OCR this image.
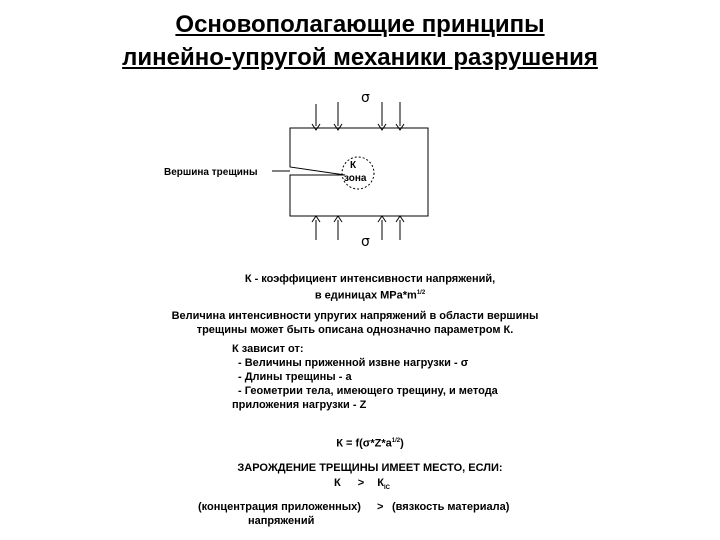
Основополагающие принципы
линейно-упругой механики разрушения
σ
σ
Вершина трещины
К
зона
К - коэффициент интенсивности напряжений,
в единицах $MPa*m^{1/2}$
Величина интенсивности упругих напряжений в области вершины
трещины может быть описана однозначно параметром К.
К зависит от:
- Величины приженной извне нагрузки - σ
- Длины трещины - a
- Геометрии тела, имеющего трещину, и метода
приложения нагрузки - Z
$К = f(\sigma*Z*a^{1/2})$
ЗАРОЖДЕНИЕ ТРЕЩИНЫ ИМЕЕТ МЕСТО, ЕСЛИ:
$К > К_{IC}$
(концентрация приложенных) > (вязкость материала)
напряжений
